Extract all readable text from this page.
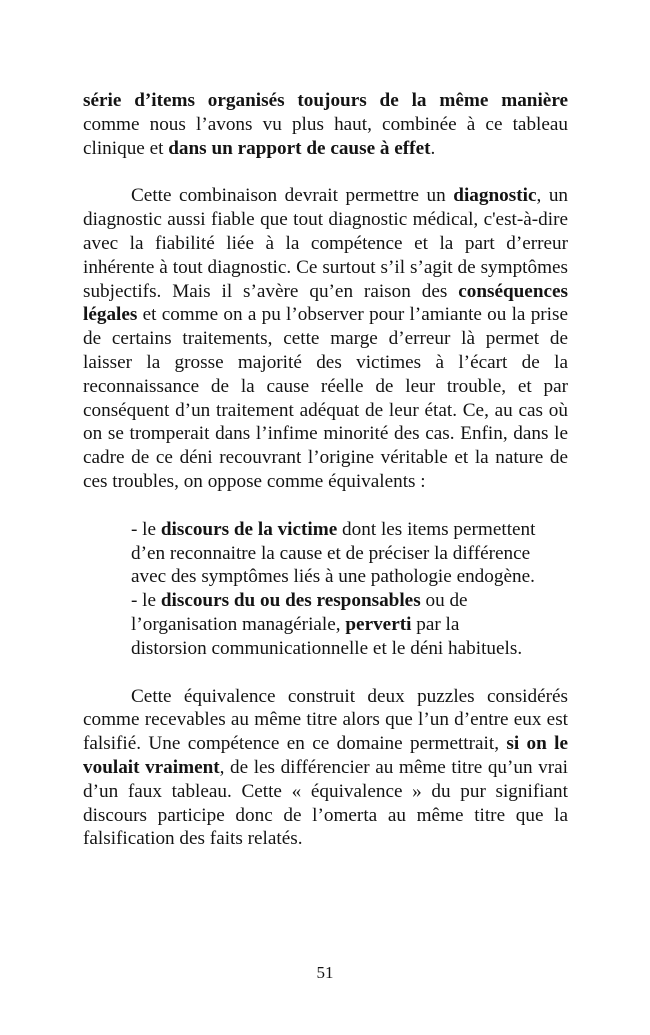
série d’items organisés toujours de la même manière comme nous l’avons vu plus haut, combinée à ce tableau clinique et dans un rapport de cause à effet.

Cette combinaison devrait permettre un diagnostic, un diagnostic aussi fiable que tout diagnostic médical, c'est-à-dire avec la fiabilité liée à la compétence et la part d’erreur inhérente à tout diagnostic. Ce surtout s’il s’agit de symptômes subjectifs. Mais il s’avère qu’en raison des conséquences légales et comme on a pu l’observer pour l’amiante ou la prise de certains traitements, cette marge d’erreur là permet de laisser la grosse majorité des victimes à l’écart de la reconnaissance de la cause réelle de leur trouble, et par conséquent d’un traitement adéquat de leur état. Ce, au cas où on se tromperait dans l’infime minorité des cas. Enfin, dans le cadre de ce déni recouvrant l’origine véritable et la nature de ces troubles, on oppose comme équivalents :

- le discours de la victime dont les items permettent

d’en reconnaitre la cause et de préciser la différence

avec des symptômes liés à une pathologie endogène.

- le discours du ou des responsables ou de

l’organisation managériale, perverti par la

distorsion communicationnelle et le déni habituels.

Cette équivalence construit deux puzzles considérés comme recevables au même titre alors que l’un d’entre eux est falsifié. Une compétence en ce domaine permettrait, si on le voulait vraiment, de les différencier au même titre qu’un vrai d’un faux tableau. Cette « équivalence » du pur signifiant discours participe donc de l’omerta au même titre que la falsification des faits relatés.

51
